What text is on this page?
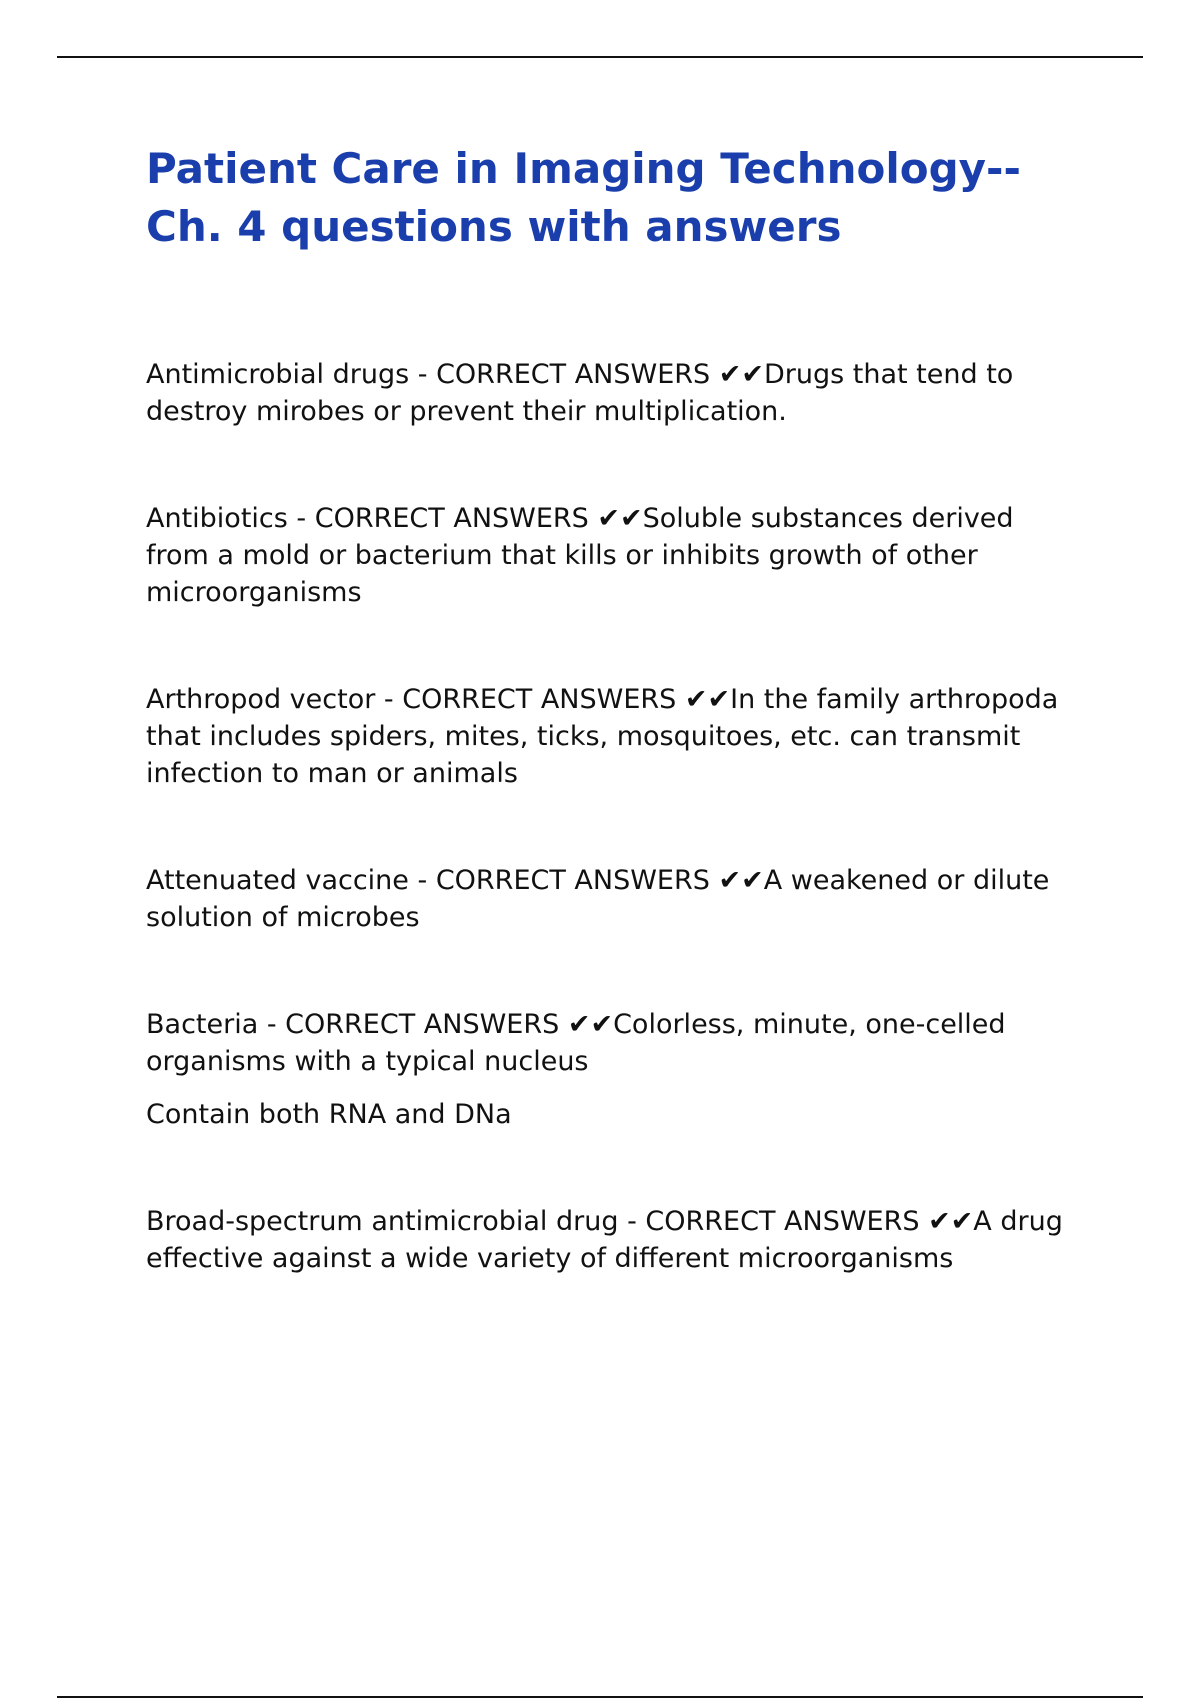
Patient Care in Imaging Technology--
Ch. 4 questions with answers

Antimicrobial drugs - CORRECT ANSWERS ✔✔Drugs that tend to destroy mirobes or prevent their multiplication.

Antibiotics - CORRECT ANSWERS ✔✔Soluble substances derived from a mold or bacterium that kills or inhibits growth of other microorganisms

Arthropod vector - CORRECT ANSWERS ✔✔In the family arthropoda that includes spiders, mites, ticks, mosquitoes, etc. can transmit infection to man or animals

Attenuated vaccine - CORRECT ANSWERS ✔✔A weakened or dilute solution of microbes

Bacteria - CORRECT ANSWERS ✔✔Colorless, minute, one-celled organisms with a typical nucleus

Contain both RNA and DNa

Broad-spectrum antimicrobial drug - CORRECT ANSWERS ✔✔A drug effective against a wide variety of different microorganisms
